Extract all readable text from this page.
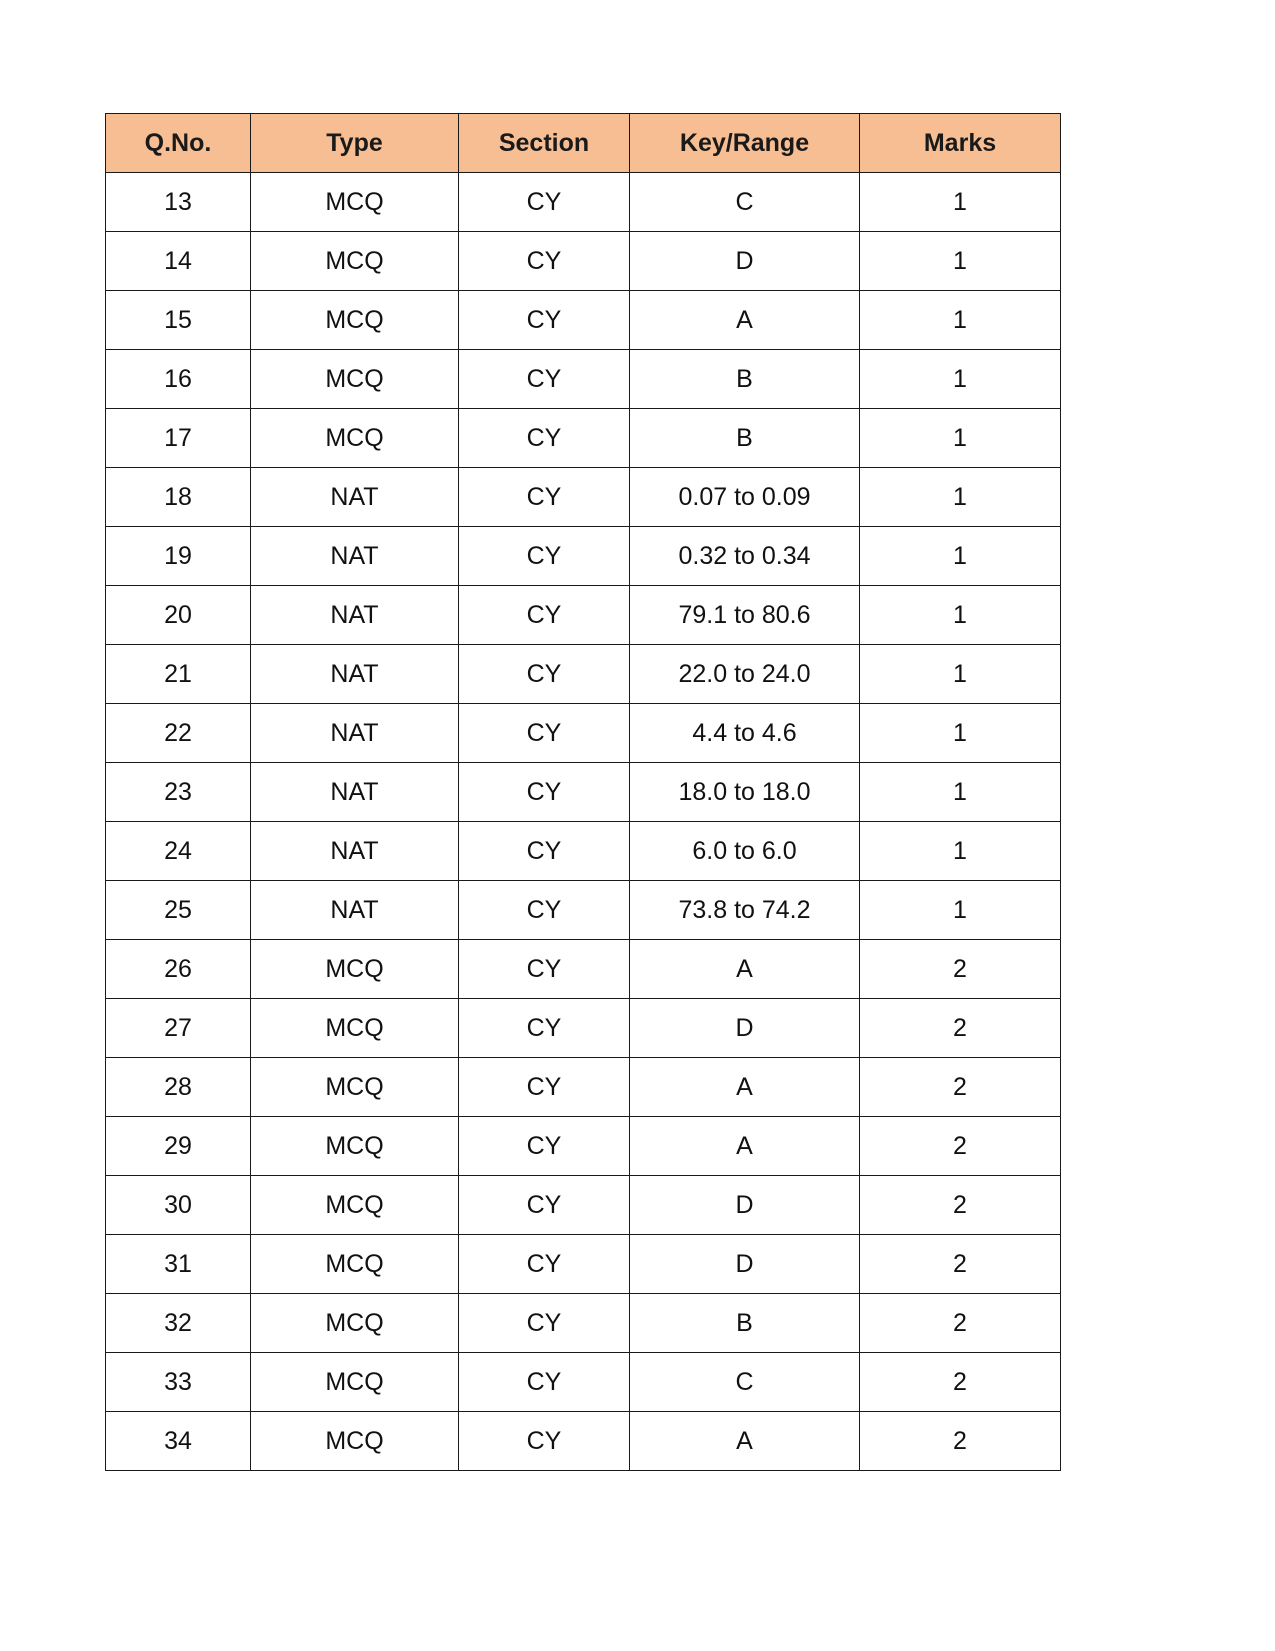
Q.No.	Type	Section	Key/Range	Marks
13	MCQ	CY	C	1
14	MCQ	CY	D	1
15	MCQ	CY	A	1
16	MCQ	CY	B	1
17	MCQ	CY	B	1
18	NAT	CY	0.07 to 0.09	1
19	NAT	CY	0.32 to 0.34	1
20	NAT	CY	79.1 to 80.6	1
21	NAT	CY	22.0 to 24.0	1
22	NAT	CY	4.4 to 4.6	1
23	NAT	CY	18.0 to 18.0	1
24	NAT	CY	6.0 to 6.0	1
25	NAT	CY	73.8 to 74.2	1
26	MCQ	CY	A	2
27	MCQ	CY	D	2
28	MCQ	CY	A	2
29	MCQ	CY	A	2
30	MCQ	CY	D	2
31	MCQ	CY	D	2
32	MCQ	CY	B	2
33	MCQ	CY	C	2
34	MCQ	CY	A	2
